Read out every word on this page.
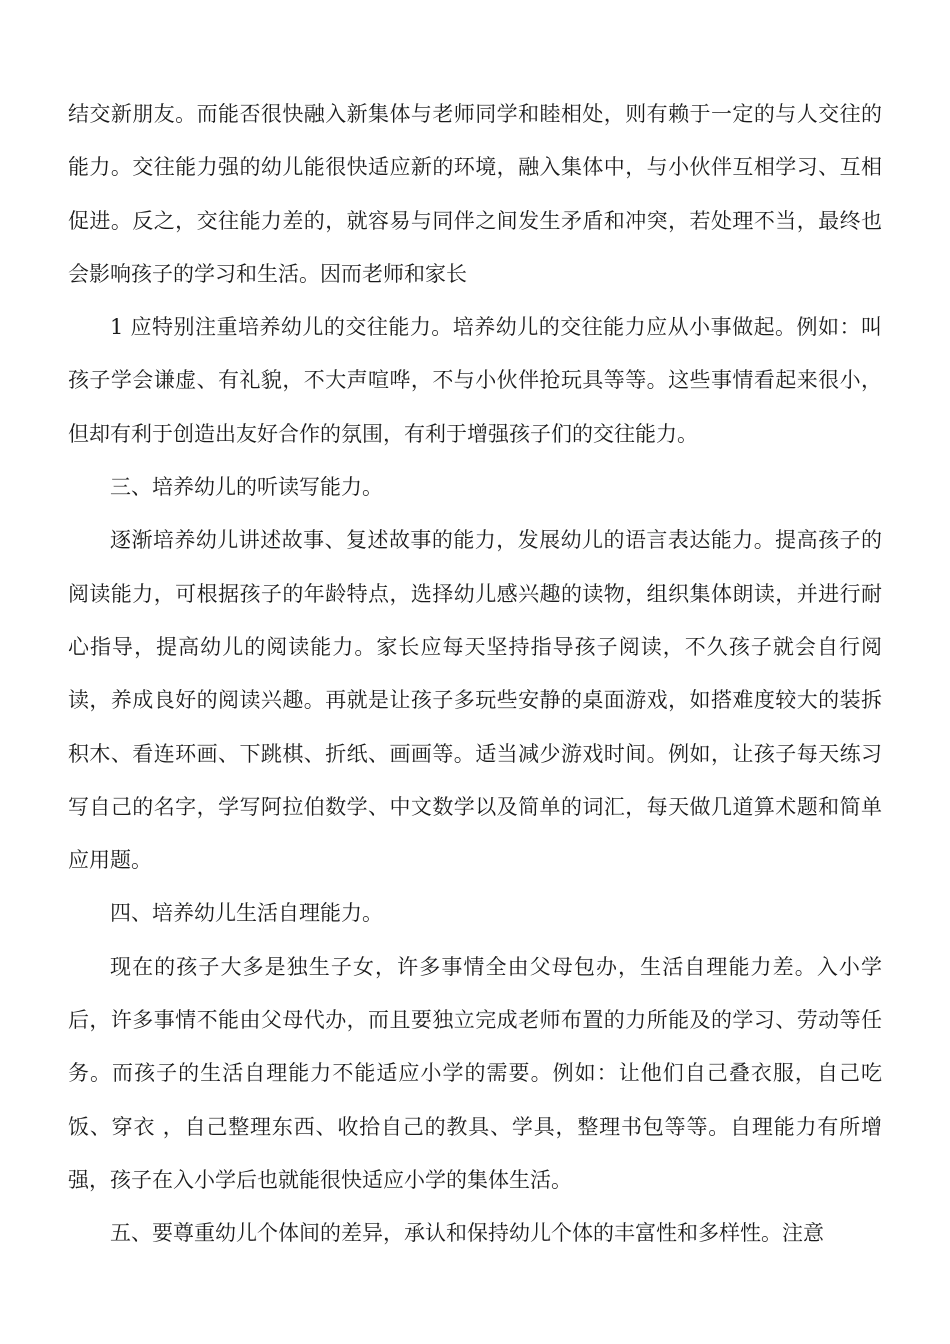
结交新朋友。而能否很快融入新集体与老师同学和睦相处，则有赖于一定的与人交往的能力。交往能力强的幼儿能很快适应新的环境，融入集体中，与小伙伴互相学习、互相促进。反之，交往能力差的，就容易与同伴之间发生矛盾和冲突，若处理不当，最终也会影响孩子的学习和生活。因而老师和家长

1 应特别注重培养幼儿的交往能力。培养幼儿的交往能力应从小事做起。例如：叫孩子学会谦虚、有礼貌，不大声喧哗，不与小伙伴抢玩具等等。这些事情看起来很小，但却有利于创造出友好合作的氛围，有利于增强孩子们的交往能力。

三、培养幼儿的听读写能力。

逐渐培养幼儿讲述故事、复述故事的能力，发展幼儿的语言表达能力。提高孩子的阅读能力，可根据孩子的年龄特点，选择幼儿感兴趣的读物，组织集体朗读，并进行耐心指导，提高幼儿的阅读能力。家长应每天坚持指导孩子阅读，不久孩子就会自行阅读，养成良好的阅读兴趣。再就是让孩子多玩些安静的桌面游戏，如搭难度较大的装拆积木、看连环画、下跳棋、折纸、画画等。适当减少游戏时间。例如，让孩子每天练习写自己的名字，学写阿拉伯数学、中文数学以及简单的词汇，每天做几道算术题和简单应用题。

四、培养幼儿生活自理能力。

现在的孩子大多是独生子女，许多事情全由父母包办，生活自理能力差。入小学后，许多事情不能由父母代办，而且要独立完成老师布置的力所能及的学习、劳动等任务。而孩子的生活自理能力不能适应小学的需要。例如：让他们自己叠衣服，自己吃饭、穿衣 ，自己整理东西、收拾自己的教具、学具，整理书包等等。自理能力有所增强，孩子在入小学后也就能很快适应小学的集体生活。

五、要尊重幼儿个体间的差异，承认和保持幼儿个体的丰富性和多样性。注意
